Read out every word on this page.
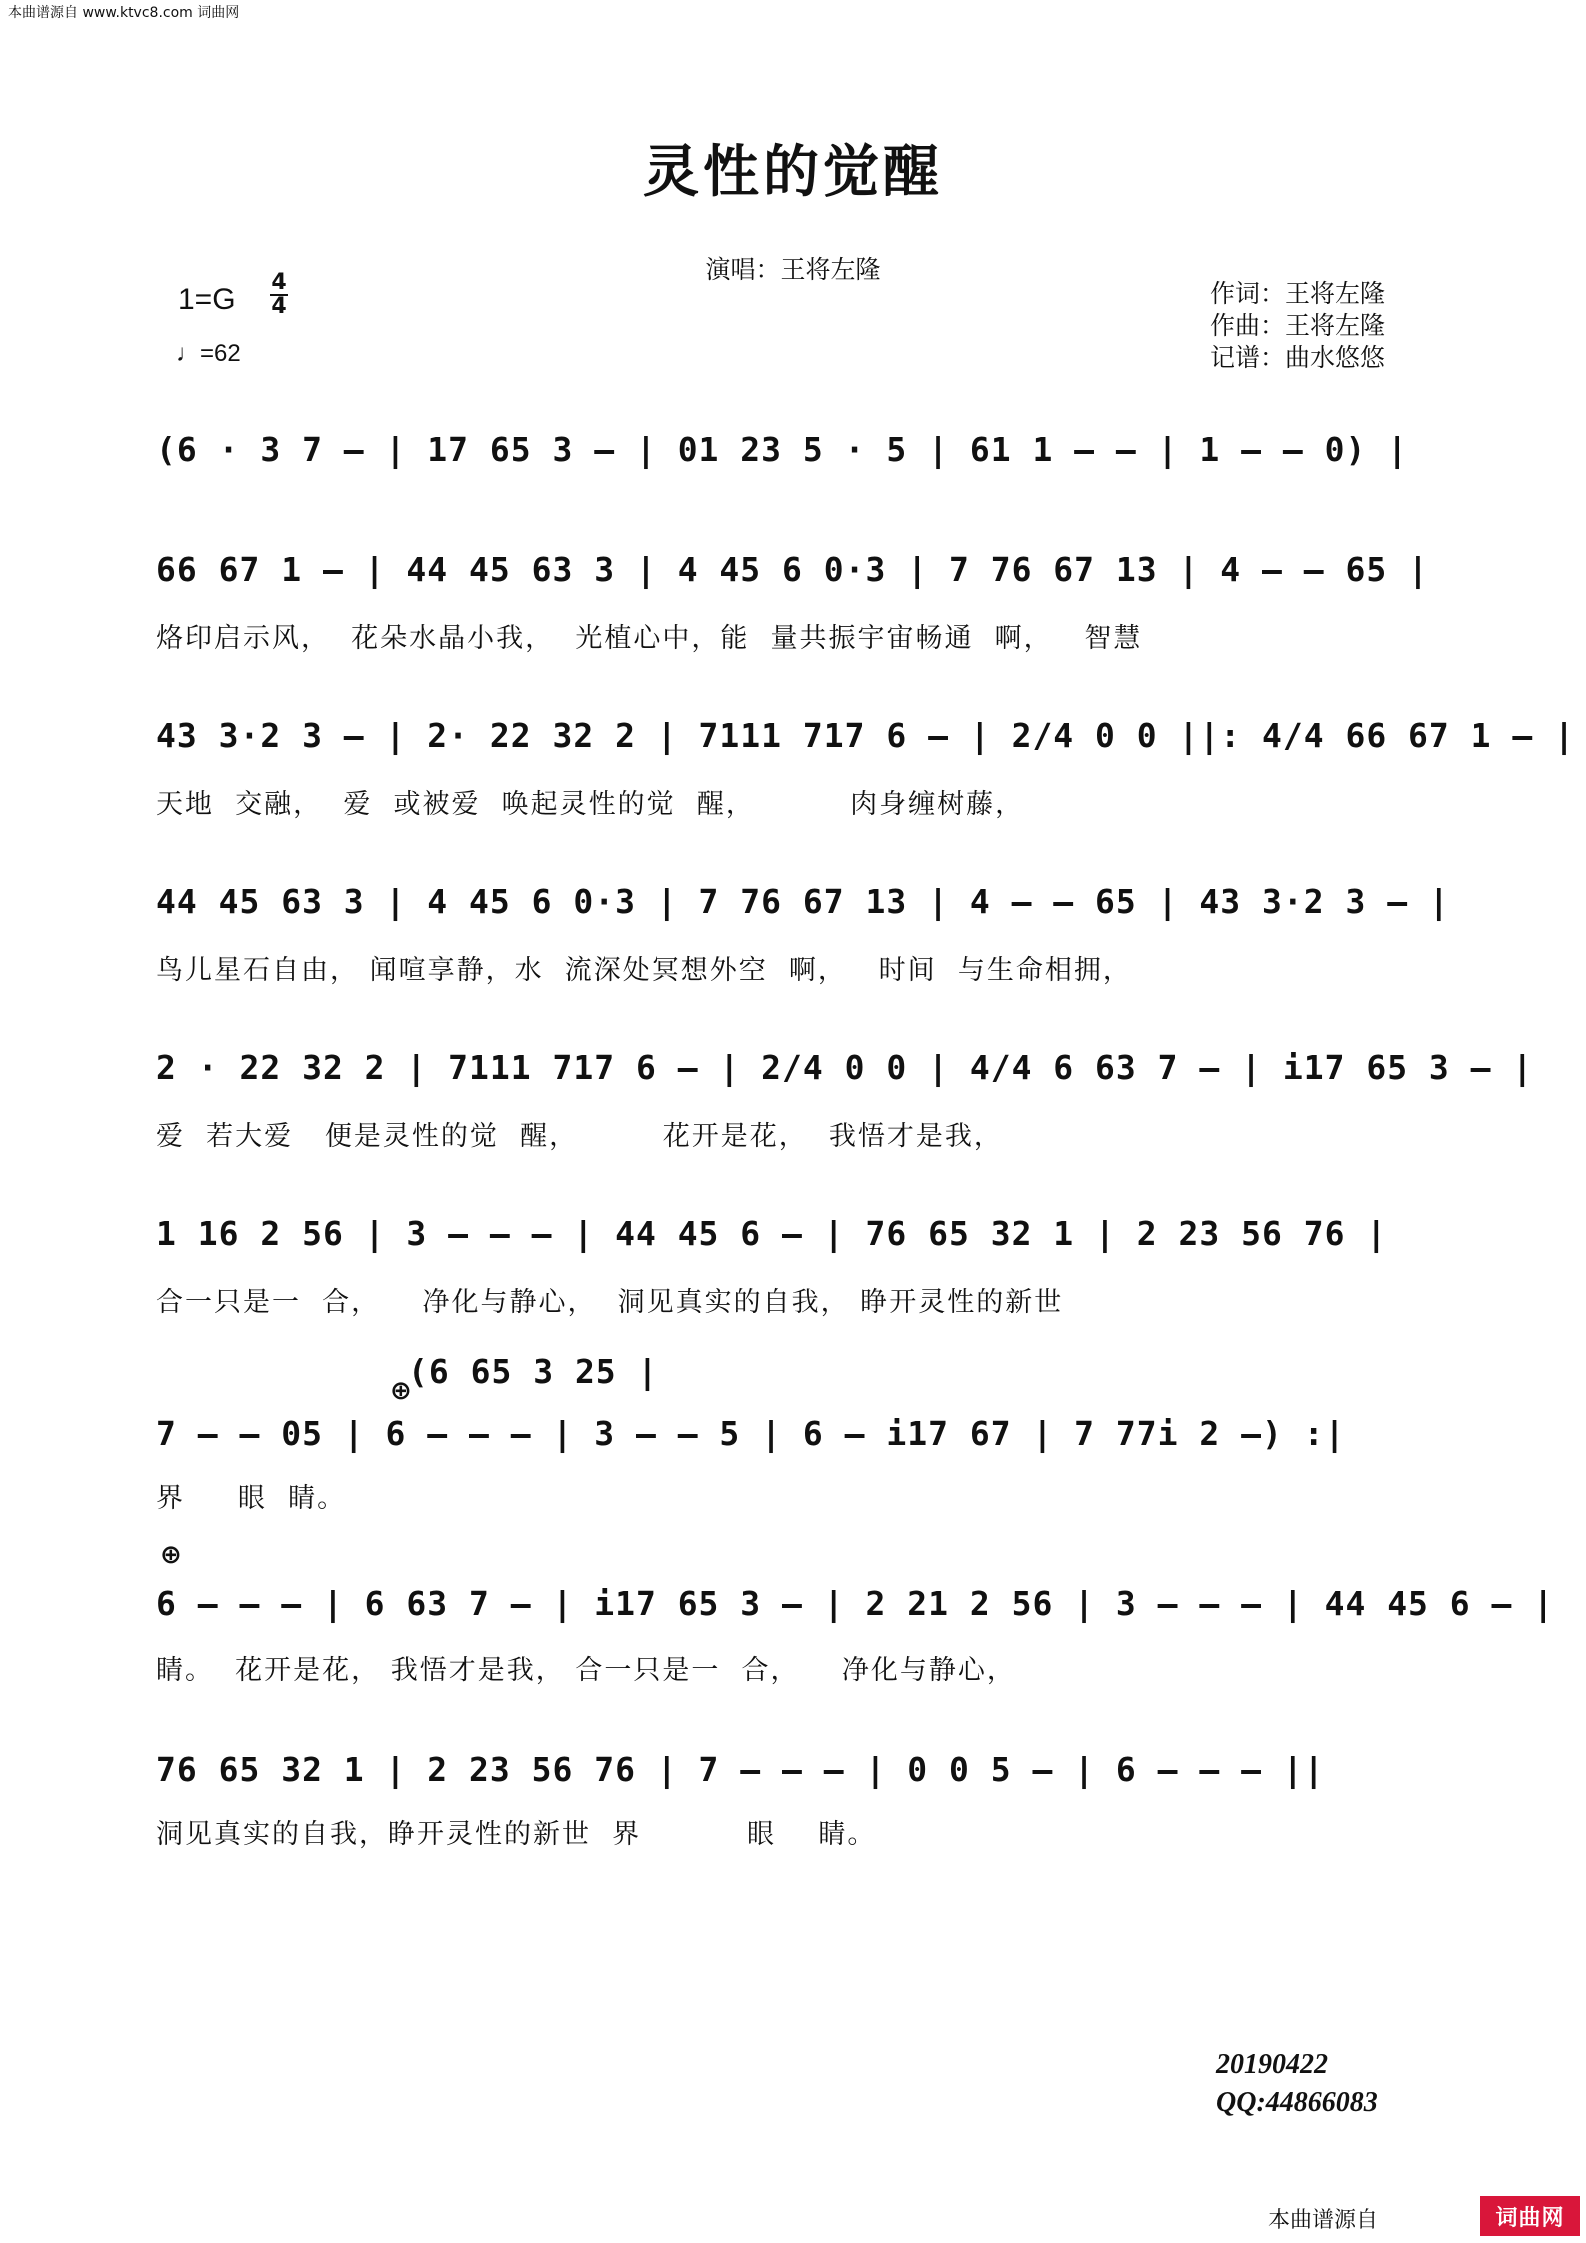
本曲谱源自 www.ktvc8.com 词曲网
灵性的觉醒
演唱：王将左隆
作词：王将左隆
作曲：王将左隆
记谱：曲水悠悠
1=G
4
4
♩=62
(6 · 3 7 – | 17 65 3 – | 01 23 5 · 5 | 61 1 – – | 1 – – 0) |
66 67 1 – | 44 45 63 3 | 4 45 6 0·3 | 7 76 67 13 | 4 – – 65 |
烙印启示风，  花朵水晶小我，  光植心中，能  量共振宇宙畅通  啊，   智慧
43 3·2 3 – | 2· 22 32 2 | 7111 717 6 – | 2/4 0 0 ||: 4/4 66 67 1 – |
天地  交融，  爱  或被爱  唤起灵性的觉  醒，         肉身缠树藤，
44 45 63 3 | 4 45 6 0·3 | 7 76 67 13 | 4 – – 65 | 43 3·2 3 – |
鸟儿星石自由， 闻喧享静，水  流深处冥想外空  啊，   时间  与生命相拥，
2 · 22 32 2 | 7111 717 6 – | 2/4 0 0 | 4/4 6 63 7 – | i17 65 3 – |
爱  若大爱   便是灵性的觉  醒，        花开是花，  我悟才是我，
1 16 2 56 | 3 – – – | 44 45 6 – | 76 65 32 1 | 2 23 56 76 |
合一只是一  合，    净化与静心，  洞见真实的自我， 睁开灵性的新世
⊕
(6 65 3 25 |
7 – – 05 | 6 – – – | 3 – – 5 | 6 – i17 67 | 7 77i 2 –) :|
界     眼  睛。
⊕
6 – – – | 6 63 7 – | i17 65 3 – | 2 21 2 56 | 3 – – – | 44 45 6 – |
睛。  花开是花， 我悟才是我， 合一只是一  合，    净化与静心，
76 65 32 1 | 2 23 56 76 | 7 – – – | 0 0 5 – | 6 – – – ||
洞见真实的自我，睁开灵性的新世  界          眼    睛。
20190422
QQ:44866083
本曲谱源自	词曲网
